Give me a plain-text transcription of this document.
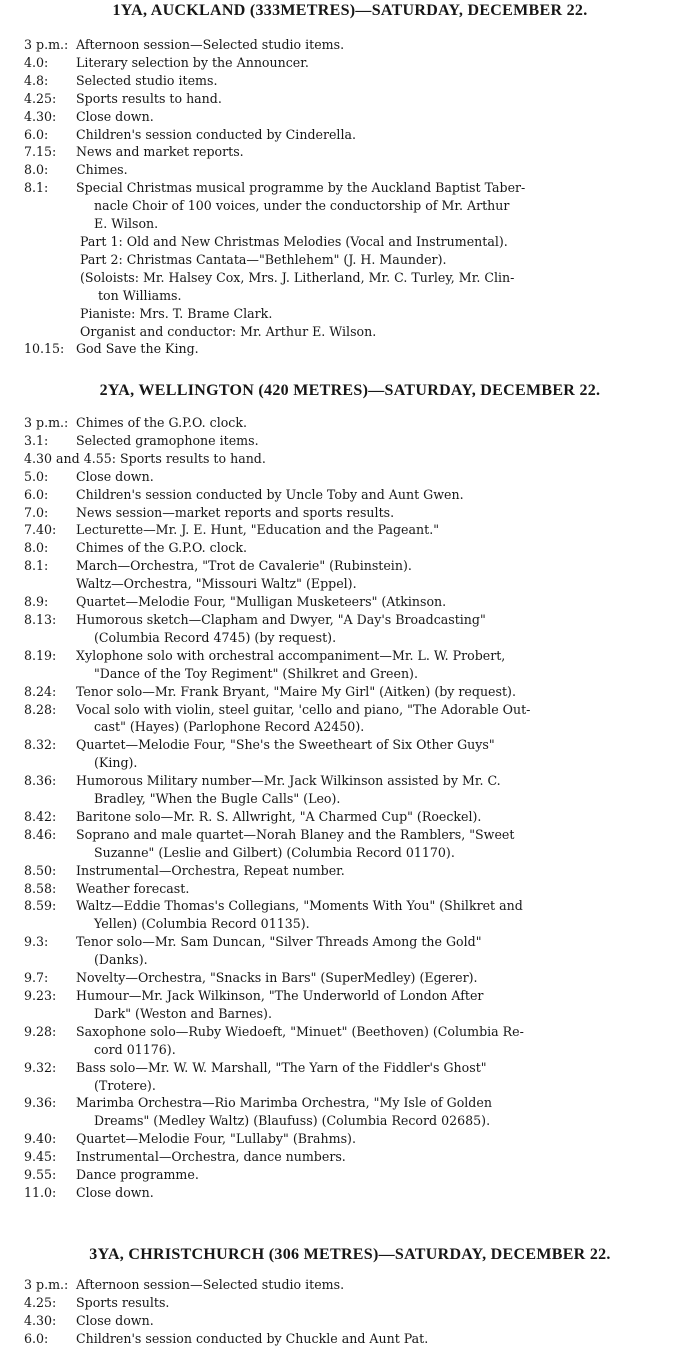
1YA, AUCKLAND (333METRES)—SATURDAY, DECEMBER 22.
3 p.m.: Afternoon session—Selected studio items.
4.0:	Literary selection by the Announcer.
4.8:	Selected studio items.
4.25:	Sports results to hand.
4.30:	Close down.
6.0:	Children's session conducted by Cinderella.
7.15:	News and market reports.
8.0:	Chimes.
8.1:	Special Christmas musical programme by the Auckland Baptist Taber-
nacle Choir of 100 voices, under the conductorship of Mr. Arthur
E. Wilson.
Part 1: Old and New Christmas Melodies (Vocal and Instrumental).
Part 2: Christmas Cantata—"Bethlehem" (J. H. Maunder).
(Soloists: Mr. Halsey Cox, Mrs. J. Litherland, Mr. C. Turley, Mr. Clin-
ton Williams.
Pianiste: Mrs. T. Brame Clark.
Organist and conductor: Mr. Arthur E. Wilson.
10.15: God Save the King.
2YA, WELLINGTON (420 METRES)—SATURDAY, DECEMBER 22.
3 p.m.: Chimes of the G.P.O. clock.
3.1:	Selected gramophone items.
4.30 and 4.55: Sports results to hand.
5.0:	Close down.
6.0:	Children's session conducted by Uncle Toby and Aunt Gwen.
7.0:	News session—market reports and sports results.
7.40:	Lecturette—Mr. J. E. Hunt, "Education and the Pageant."
8.0:	Chimes of the G.P.O. clock.
8.1:	March—Orchestra, "Trot de Cavalerie" (Rubinstein).
Waltz—Orchestra, "Missouri Waltz" (Eppel).
8.9:	Quartet—Melodie Four, "Mulligan Musketeers" (Atkinson.
8.13:	Humorous sketch—Clapham and Dwyer, "A Day's Broadcasting"
(Columbia Record 4745) (by request).
8.19:	Xylophone solo with orchestral accompaniment—Mr. L. W. Probert,
"Dance of the Toy Regiment" (Shilkret and Green).
8.24:	Tenor solo—Mr. Frank Bryant, "Maire My Girl" (Aitken) (by request).
8.28:	Vocal solo with violin, steel guitar, 'cello and piano, "The Adorable Out-
cast" (Hayes) (Parlophone Record A2450).
8.32:	Quartet—Melodie Four, "She's the Sweetheart of Six Other Guys"
(King).
8.36:	Humorous Military number—Mr. Jack Wilkinson assisted by Mr. C.
Bradley, "When the Bugle Calls" (Leo).
8.42:	Baritone solo—Mr. R. S. Allwright, "A Charmed Cup" (Roeckel).
8.46:	Soprano and male quartet—Norah Blaney and the Ramblers, "Sweet
Suzanne" (Leslie and Gilbert) (Columbia Record 01170).
8.50:	Instrumental—Orchestra, Repeat number.
8.58:	Weather forecast.
8.59:	Waltz—Eddie Thomas's Collegians, "Moments With You" (Shilkret and
Yellen) (Columbia Record 01135).
9.3:	Tenor solo—Mr. Sam Duncan, "Silver Threads Among the Gold"
(Danks).
9.7:	Novelty—Orchestra, "Snacks in Bars" (SuperMedley) (Egerer).
9.23:	Humour—Mr. Jack Wilkinson, "The Underworld of London After
Dark" (Weston and Barnes).
9.28:	Saxophone solo—Ruby Wiedoeft, "Minuet" (Beethoven) (Columbia Re-
cord 01176).
9.32:	Bass solo—Mr. W. W. Marshall, "The Yarn of the Fiddler's Ghost"
(Trotere).
9.36:	Marimba Orchestra—Rio Marimba Orchestra, "My Isle of Golden
Dreams" (Medley Waltz) (Blaufuss) (Columbia Record 02685).
9.40:	Quartet—Melodie Four, "Lullaby" (Brahms).
9.45:	Instrumental—Orchestra, dance numbers.
9.55:	Dance programme.
11.0:	Close down.
3YA, CHRISTCHURCH (306 METRES)—SATURDAY, DECEMBER 22.
3 p.m.: Afternoon session—Selected studio items.
4.25:	Sports results.
4.30:	Close down.
6.0:	Children's session conducted by Chuckle and Aunt Pat.
